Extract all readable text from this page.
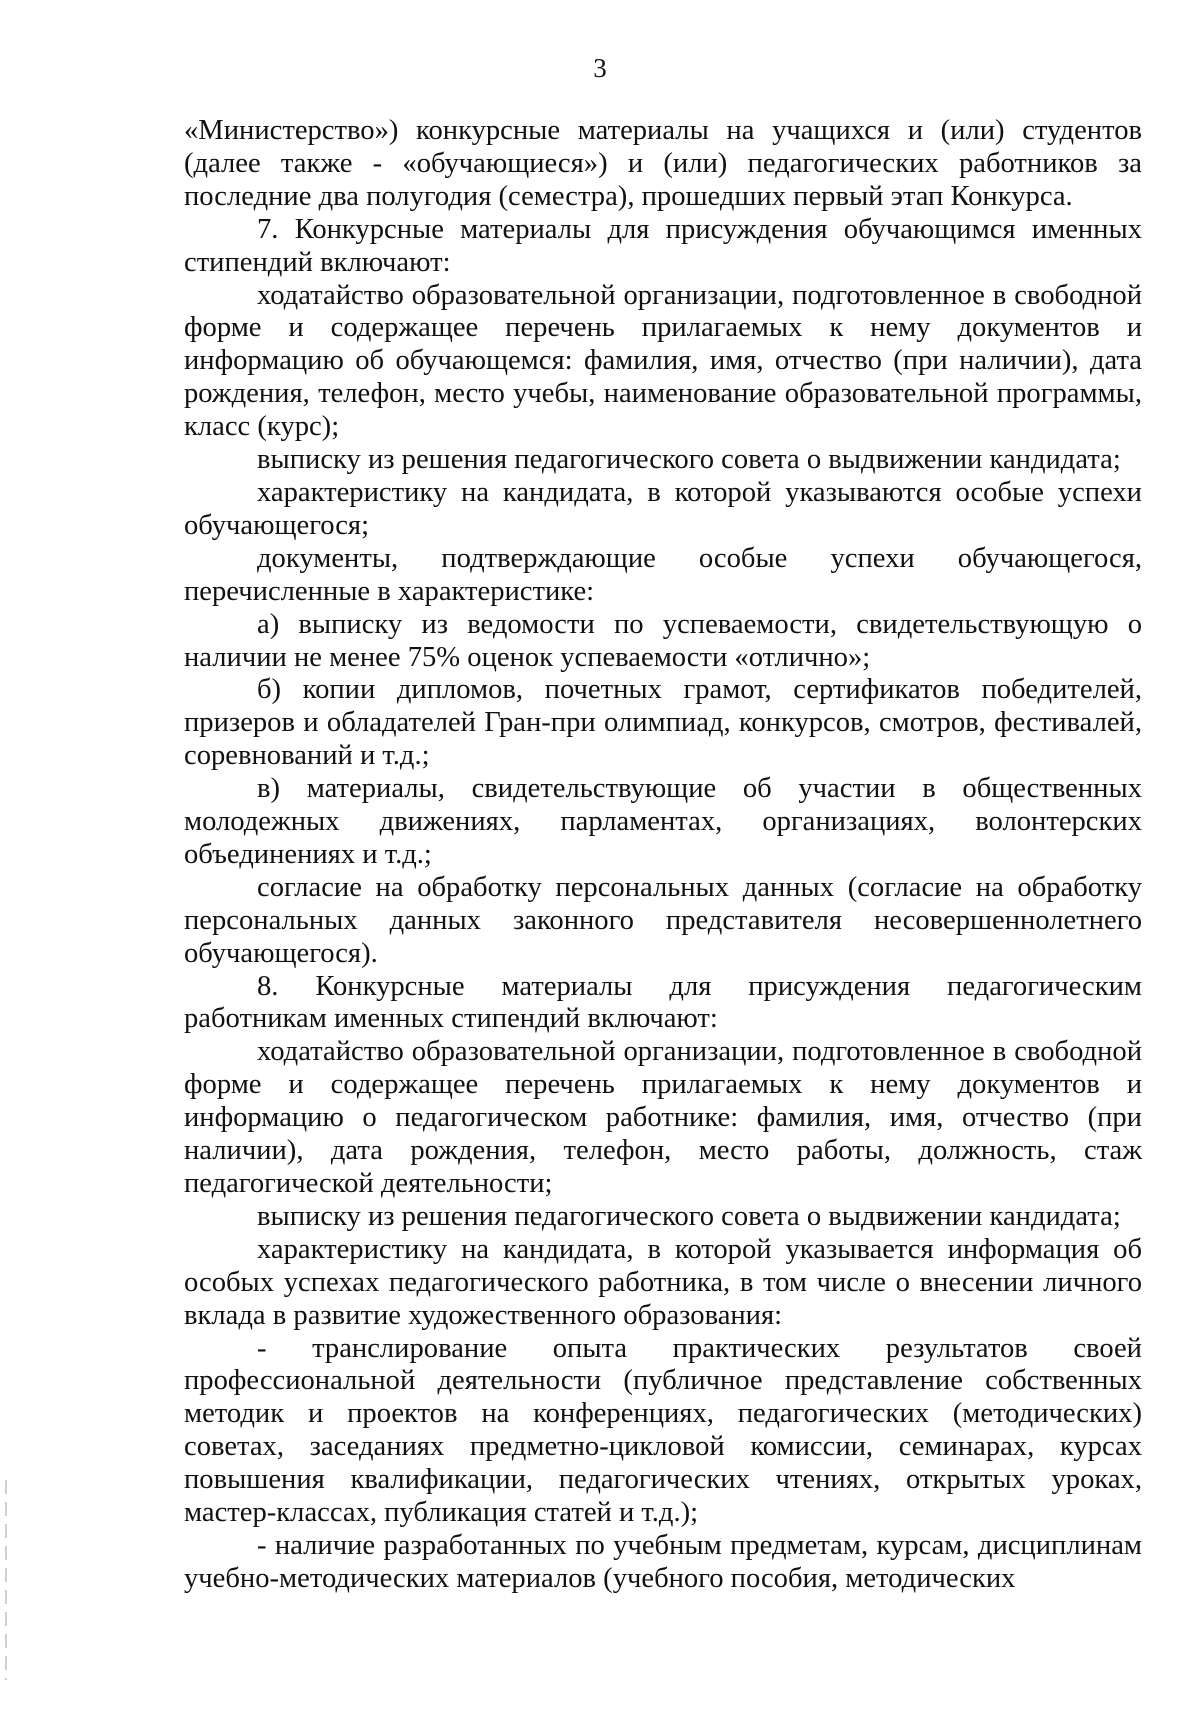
3

«Министерство») конкурсные материалы на учащихся и (или) студентов (далее также - «обучающиеся») и (или) педагогических работников за последние два полугодия (семестра), прошедших первый этап Конкурса.

7. Конкурсные материалы для присуждения обучающимся именных стипендий включают:

ходатайство образовательной организации, подготовленное в свободной форме и содержащее перечень прилагаемых к нему документов и информацию об обучающемся: фамилия, имя, отчество (при наличии), дата рождения, телефон, место учебы, наименование образовательной программы, класс (курс);

выписку из решения педагогического совета о выдвижении кандидата;

характеристику на кандидата, в которой указываются особые успехи обучающегося;

документы, подтверждающие особые успехи обучающегося, перечисленные в характеристике:

а) выписку из ведомости по успеваемости, свидетельствующую о наличии не менее 75% оценок успеваемости «отлично»;

б) копии дипломов, почетных грамот, сертификатов победителей, призеров и обладателей Гран-при олимпиад, конкурсов, смотров, фестивалей, соревнований и т.д.;

в) материалы, свидетельствующие об участии в общественных молодежных движениях, парламентах, организациях, волонтерских объединениях и т.д.;

согласие на обработку персональных данных (согласие на обработку персональных данных законного представителя несовершеннолетнего обучающегося).

8. Конкурсные материалы для присуждения педагогическим работникам именных стипендий включают:

ходатайство образовательной организации, подготовленное в свободной форме и содержащее перечень прилагаемых к нему документов и информацию о педагогическом работнике: фамилия, имя, отчество (при наличии), дата рождения, телефон, место работы, должность, стаж педагогической деятельности;

выписку из решения педагогического совета о выдвижении кандидата;

характеристику на кандидата, в которой указывается информация об особых успехах педагогического работника, в том числе о внесении личного вклада в развитие художественного образования:

- транслирование опыта практических результатов своей профессиональной деятельности (публичное представление собственных методик и проектов на конференциях, педагогических (методических) советах, заседаниях предметно-цикловой комиссии, семинарах, курсах повышения квалификации, педагогических чтениях, открытых уроках, мастер-классах, публикация статей и т.д.);

- наличие разработанных по учебным предметам, курсам, дисциплинам учебно-методических материалов (учебного пособия, методических
